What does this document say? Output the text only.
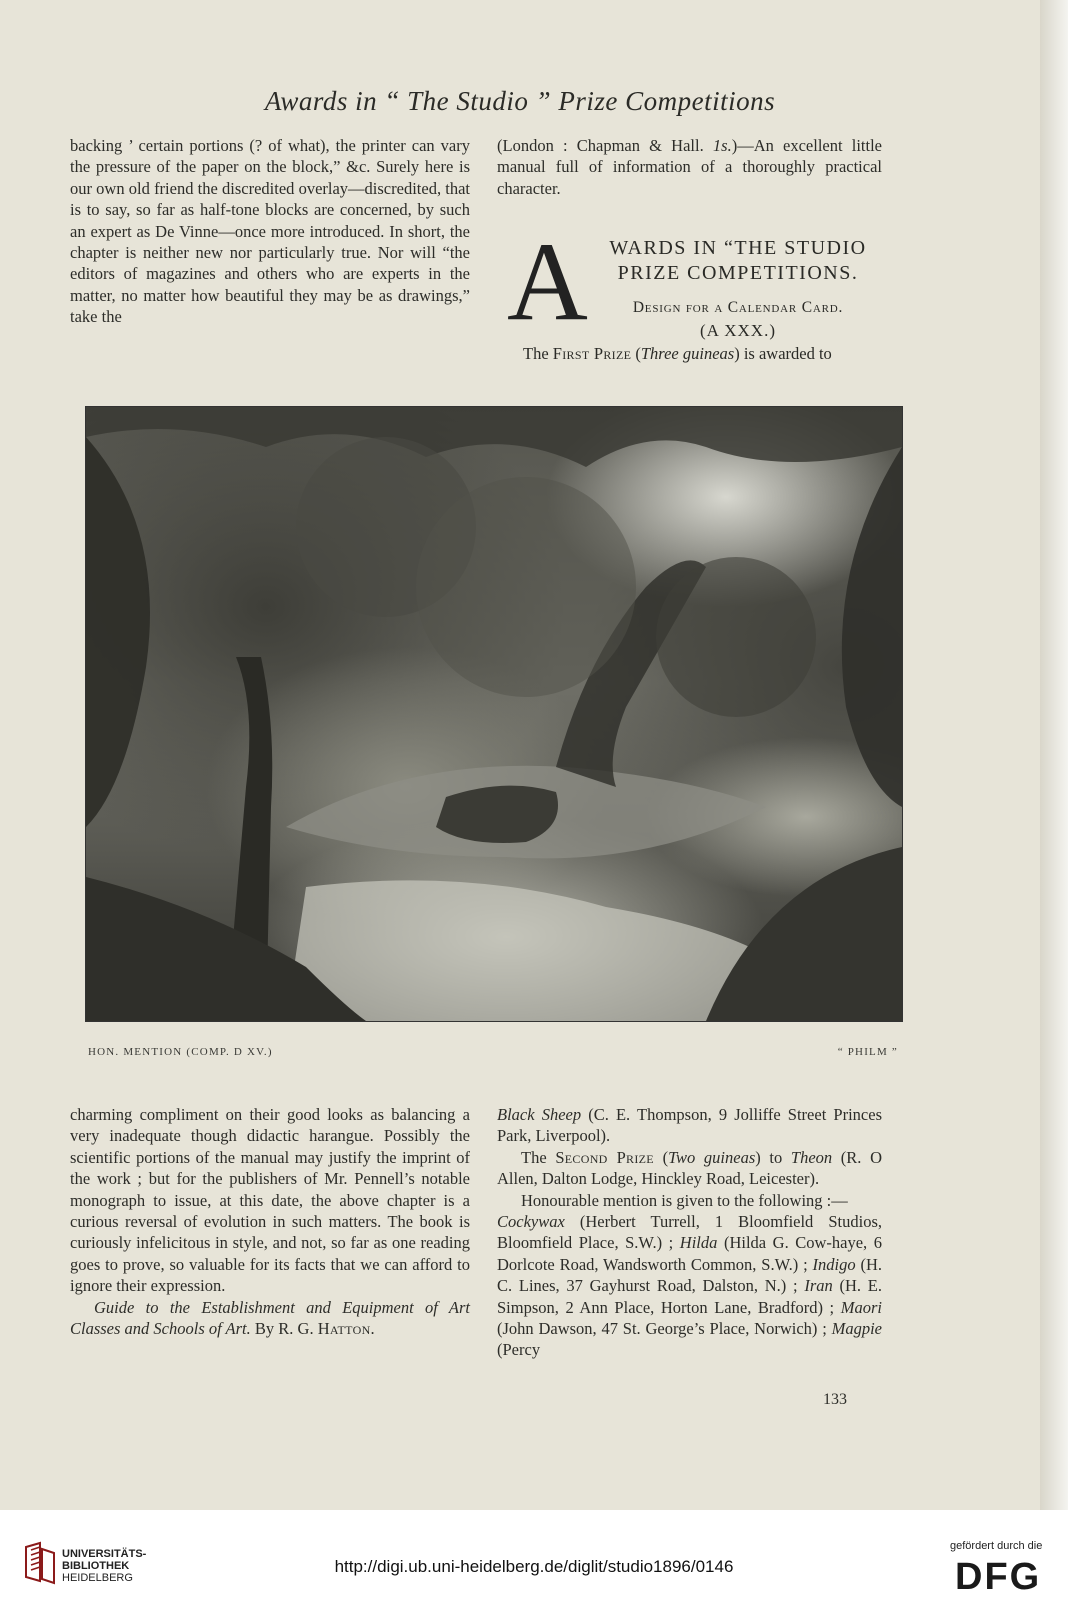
Awards in “ The Studio ” Prize Competitions

backing ’ certain portions (? of what), the printer can vary the pressure of the paper on the block,” &c. Surely here is our own old friend the discredited overlay—discredited, that is to say, so far as half-tone blocks are concerned, by such an expert as De Vinne—once more introduced. In short, the chapter is neither new nor particularly true. Nor will “the editors of magazines and others who are experts in the matter, no matter how beautiful they may be as drawings,” take the

(London : Chapman & Hall. 1s.)—An excellent little manual full of information of a thoroughly practical character.

A	WARDS IN “THE STUDIO
PRIZE COMPETITIONS.
Design for a Calendar Card.
(A XXX.)
The First Prize (Three guineas) is awarded to
HON. MENTION (COMP. D XV.)	“ PHILM ”

charming compliment on their good looks as balancing a very inadequate though didactic harangue. Possibly the scientific portions of the manual may justify the imprint of the work ; but for the publishers of Mr. Pennell’s notable monograph to issue, at this date, the above chapter is a curious reversal of evolution in such matters. The book is curiously infelicitous in style, and not, so far as one reading goes to prove, so valuable for its facts that we can afford to ignore their expression.

Guide to the Establishment and Equipment of Art Classes and Schools of Art. By R. G. Hatton.

Black Sheep (C. E. Thompson, 9 Jolliffe Street Princes Park, Liverpool).

The Second Prize (Two guineas) to Theon (R. O Allen, Dalton Lodge, Hinckley Road, Leicester).

Honourable mention is given to the following :—

Cockywax (Herbert Turrell, 1 Bloomfield Studios, Bloomfield Place, S.W.) ; Hilda (Hilda G. Cow-haye, 6 Dorlcote Road, Wandsworth Common, S.W.) ; Indigo (H. C. Lines, 37 Gayhurst Road, Dalston, N.) ; Iran (H. E. Simpson, 2 Ann Place, Horton Lane, Bradford) ; Maori (John Dawson, 47 St. George’s Place, Norwich) ; Magpie (Percy

133
UNIVERSITÄTS-
BIBLIOTHEK
HEIDELBERG
http://digi.ub.uni-heidelberg.de/diglit/studio1896/0146
gefördert durch die
DFG
